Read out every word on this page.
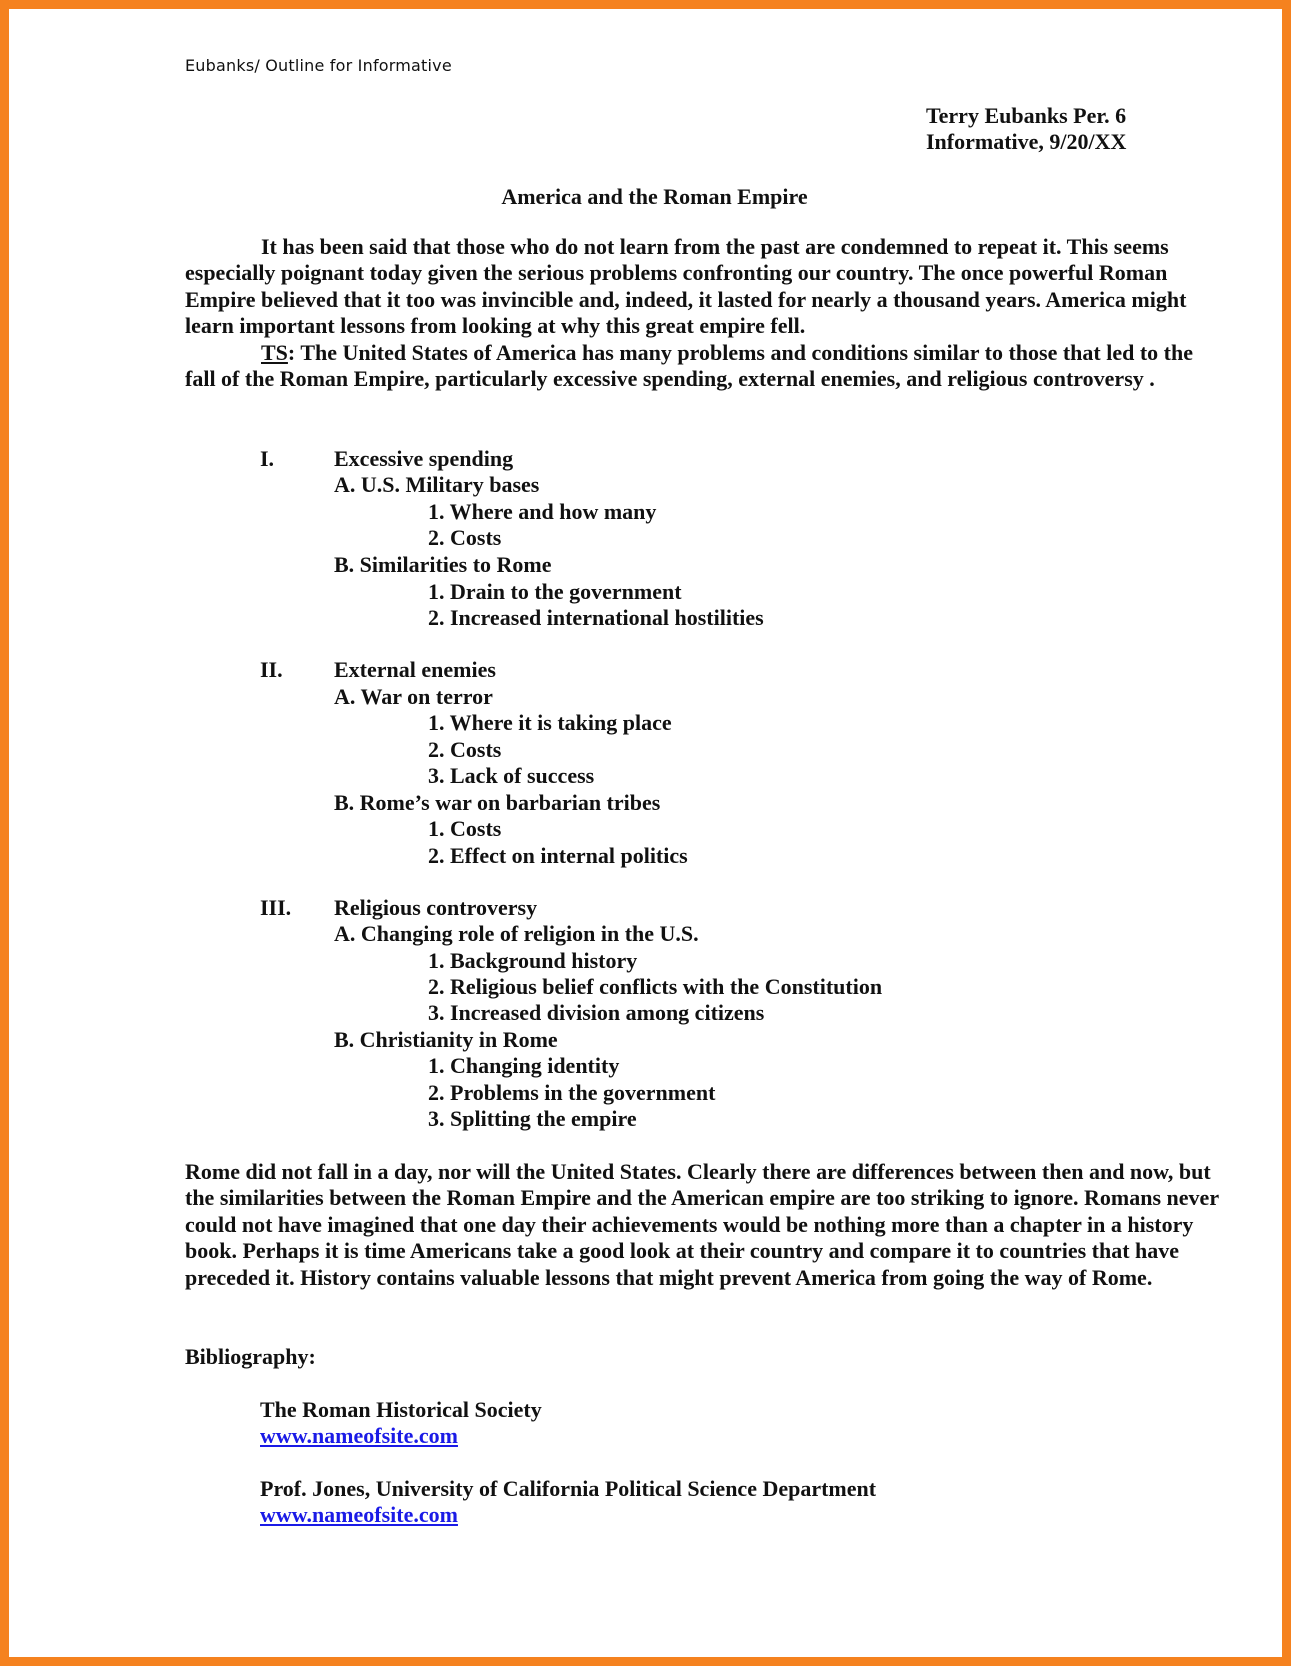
Eubanks/ Outline for Informative
Terry Eubanks Per. 6
Informative, 9/20/XX
America and the Roman Empire

It has been said that those who do not learn from the past are condemned to repeat it. This seems especially poignant today given the serious problems confronting our country. The once powerful Roman Empire believed that it too was invincible and, indeed, it lasted for nearly a thousand years. America might learn important lessons from looking at why this great empire fell.

TS: The United States of America has many problems and conditions similar to those that led to the fall of the Roman Empire, particularly excessive spending, external enemies, and religious controversy .

I.	Excessive spending
A. U.S. Military bases
1. Where and how many
2. Costs
B. Similarities to Rome
1. Drain to the government
2. Increased international hostilities
II. External enemies
A. War on terror
1. Where it is taking place
2. Costs
3. Lack of success
B. Rome’s war on barbarian tribes
1. Costs
2. Effect on internal politics
III. Religious controversy
A. Changing role of religion in the U.S.
1. Background history
2. Religious belief conflicts with the Constitution
3. Increased division among citizens
B. Christianity in Rome
1. Changing identity
2. Problems in the government
3. Splitting the empire

Rome did not fall in a day, nor will the United States. Clearly there are differences between then and now, but the similarities between the Roman Empire and the American empire are too striking to ignore. Romans never could not have imagined that one day their achievements would be nothing more than a chapter in a history book. Perhaps it is time Americans take a good look at their country and compare it to countries that have preceded it. History contains valuable lessons that might prevent America from going the way of Rome.

Bibliography:
The Roman Historical Society
www.nameofsite.com
Prof. Jones, University of California Political Science Department
www.nameofsite.com
